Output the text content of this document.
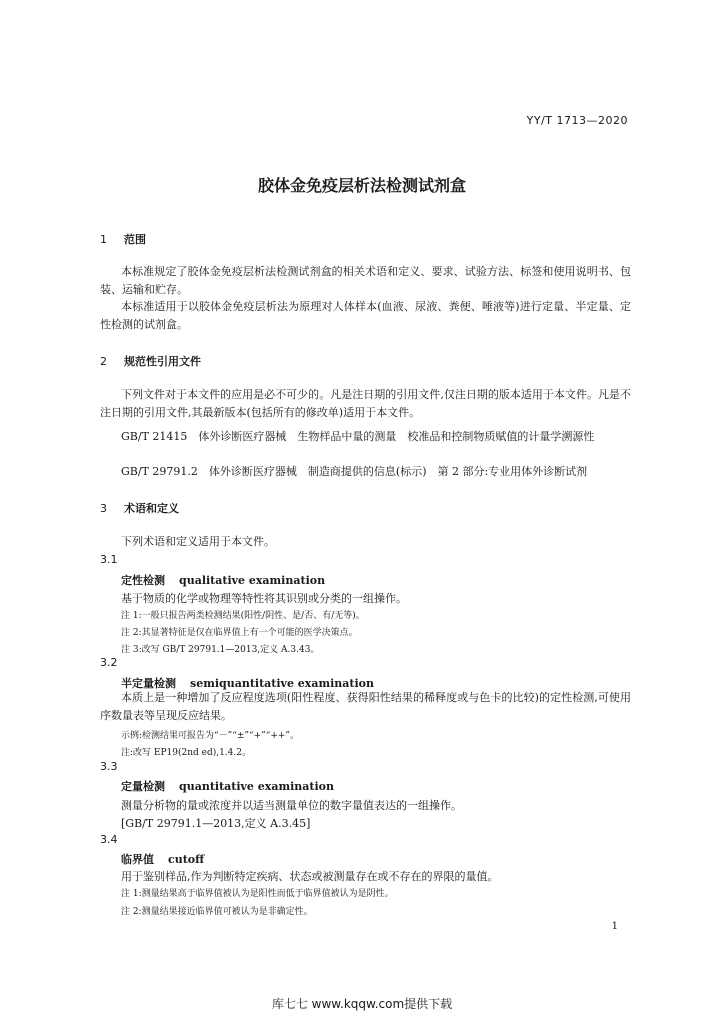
YY/T 1713—2020
胶体金免疫层析法检测试剂盒
1 范围
本标准规定了胶体金免疫层析法检测试剂盒的相关术语和定义、要求、试验方法、标签和使用说明书、包装、运输和贮存。
本标准适用于以胶体金免疫层析法为原理对人体样本(血液、尿液、粪便、唾液等)进行定量、半定量、定性检测的试剂盒。
2 规范性引用文件
下列文件对于本文件的应用是必不可少的。凡是注日期的引用文件,仅注日期的版本适用于本文件。凡是不注日期的引用文件,其最新版本(包括所有的修改单)适用于本文件。
GB/T 21415　体外诊断医疗器械　生物样品中量的测量　校准品和控制物质赋值的计量学溯源性
GB/T 29791.2　体外诊断医疗器械　制造商提供的信息(标示)　第 2 部分:专业用体外诊断试剂
3 术语和定义
下列术语和定义适用于本文件。
3.1
定性检测 qualitative examination
基于物质的化学或物理等特性将其识别或分类的一组操作。
注 1:一般只报告两类检测结果(阳性/阴性、是/否、有/无等)。
注 2:其显著特征是仅在临界值上有一个可能的医学决策点。
注 3:改写 GB/T 29791.1—2013,定义 A.3.43。
3.2
半定量检测 semiquantitative examination
本质上是一种增加了反应程度选项(阳性程度、获得阳性结果的稀释度或与色卡的比较)的定性检测,可使用序数量表等呈现反应结果。
示例:检测结果可报告为“－”“±”“+”“++”。
注:改写 EP19(2nd ed),1.4.2。
3.3
定量检测 quantitative examination
测量分析物的量或浓度并以适当测量单位的数字量值表达的一组操作。
[GB/T 29791.1—2013,定义 A.3.45]
3.4
临界值 cutoff
用于鉴别样品,作为判断特定疾病、状态或被测量存在或不存在的界限的量值。
注 1:测量结果高于临界值被认为是阳性而低于临界值被认为是阴性。
注 2:测量结果接近临界值可被认为是非确定性。
1
库七七 www.kqqw.com提供下载
